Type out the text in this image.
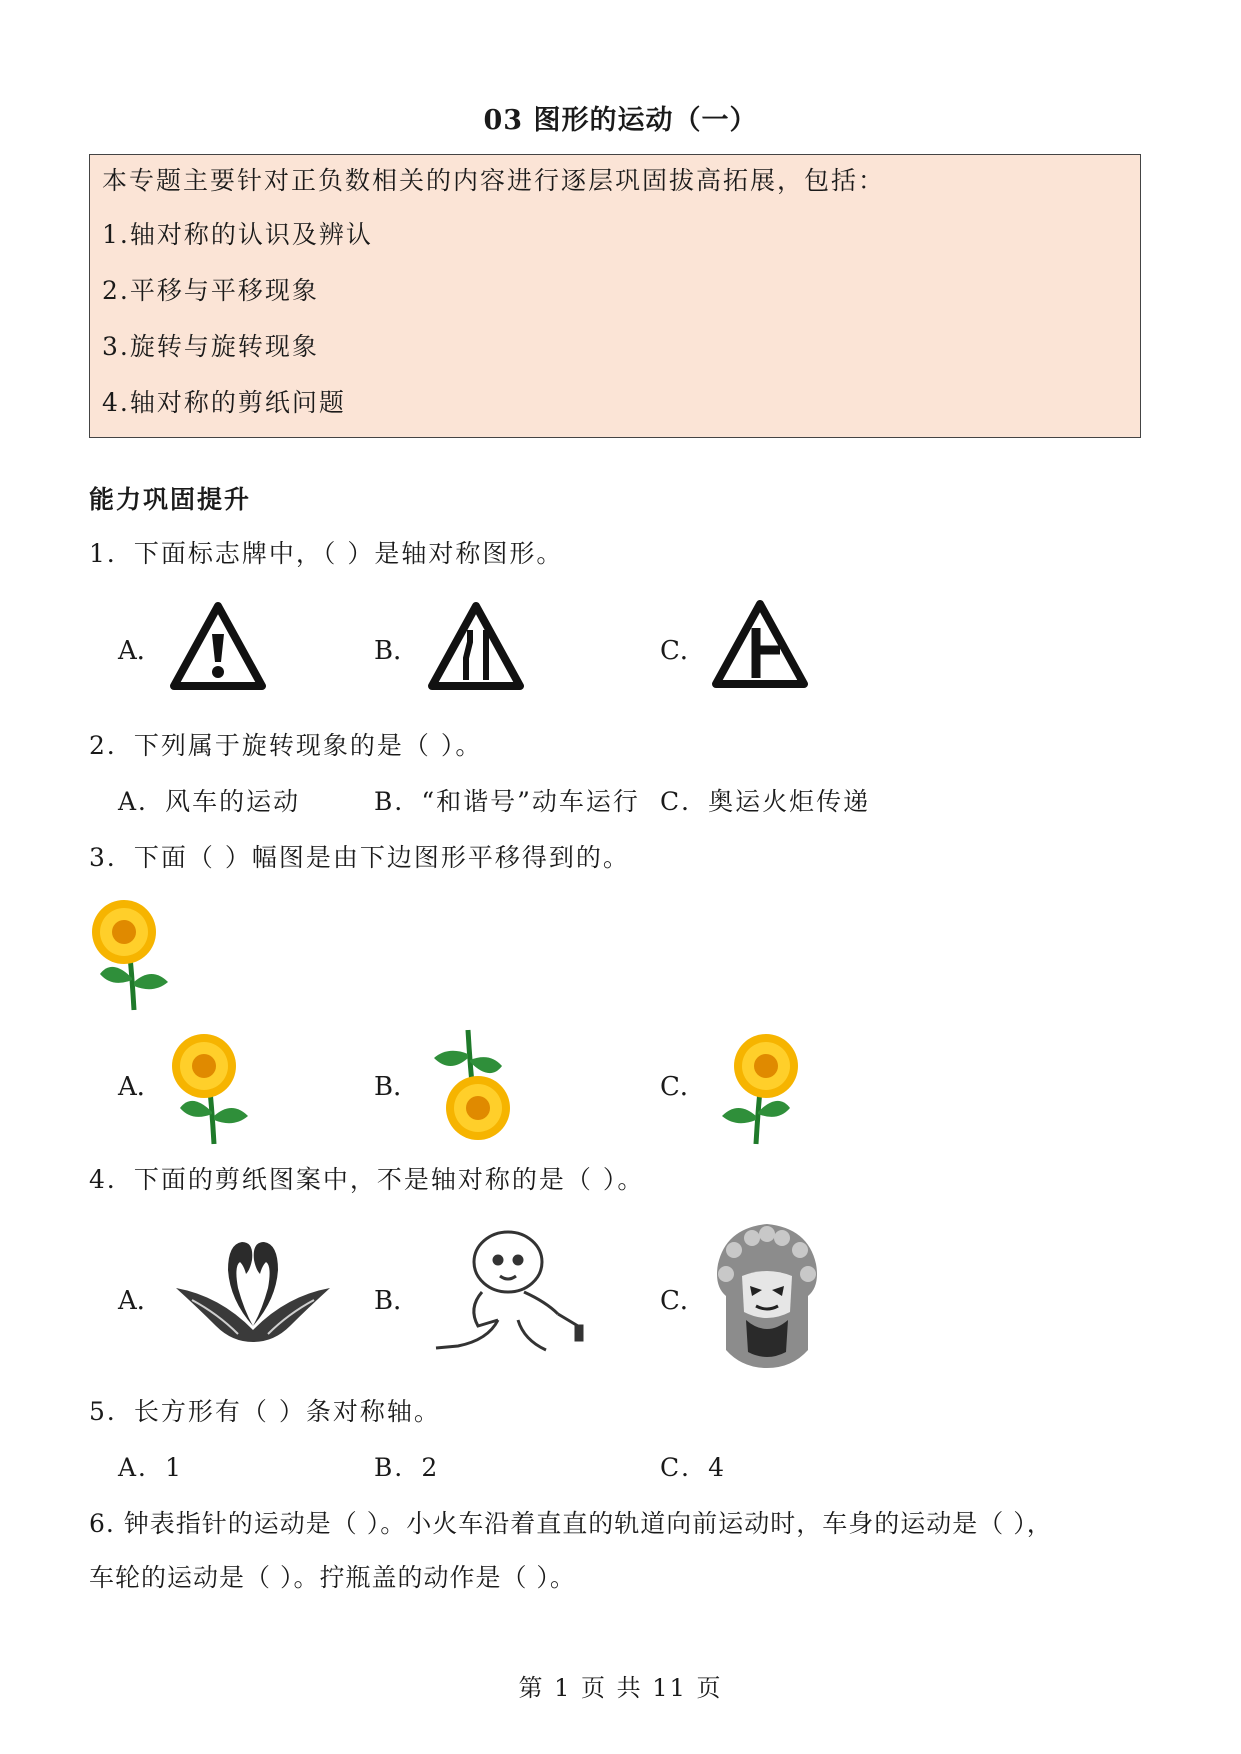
03 图形的运动（一）
本专题主要针对正负数相关的内容进行逐层巩固拔高拓展，包括：
1.轴对称的认识及辨认
2.平移与平移现象
3.旋转与旋转现象
4.轴对称的剪纸问题
能力巩固提升
1．下面标志牌中，（ ）是轴对称图形。
A．	B．	C．
2．下列属于旋转现象的是（ ）。
A．风车的运动	B．“和谐号”动车运行 C．奥运火炬传递
3．下面（ ）幅图是由下边图形平移得到的。
A．	B．	C．
4．下面的剪纸图案中，不是轴对称的是（ ）。
A．	B．	C．
5．长方形有（ ）条对称轴。
A．1	B．2	C．4
6. 钟表指针的运动是（ ）。小火车沿着直直的轨道向前运动时，车身的运动是（ ），
车轮的运动是（ ）。拧瓶盖的动作是（ ）。
第 1 页 共 11 页
